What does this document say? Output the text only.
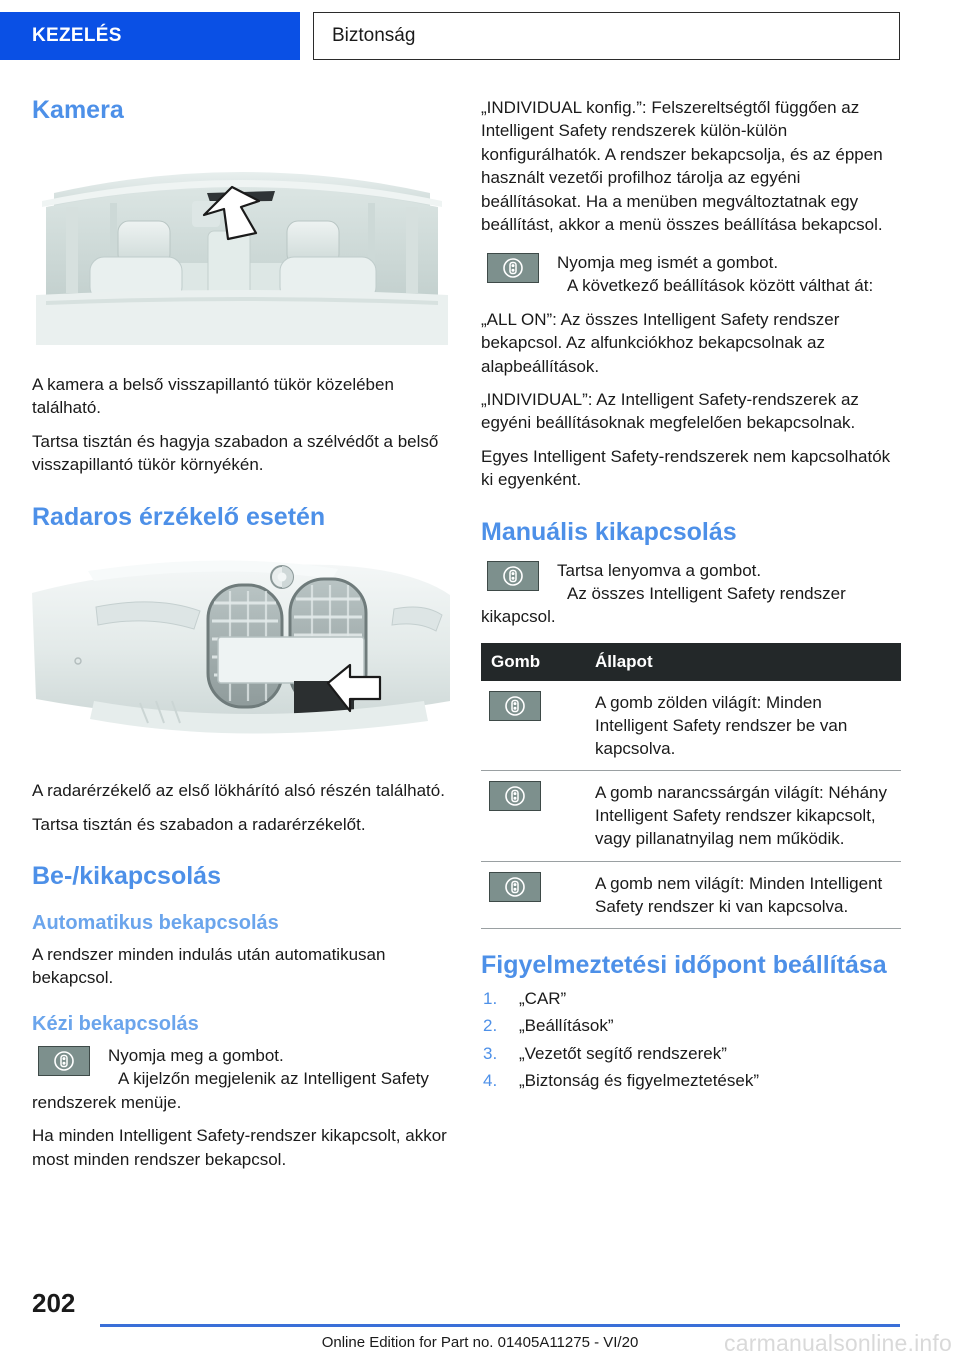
KEZELÉS	Biztonság
Kamera

A kamera a belső visszapillantó tükör közelében található.

Tartsa tisztán és hagyja szabadon a szélvédőt a belső visszapillantó tükör környékén.

Radaros érzékelő esetén

A radarérzékelő az első lökhárító alsó részén található.

Tartsa tisztán és szabadon a radarérzékelőt.

Be-/kikapcsolás
Automatikus bekapcsolás

A rendszer minden indulás után automatikusan bekapcsol.

Kézi bekapcsolás
Nyomja meg a gombot.
A kijelzőn megjelenik az Intelligent Safety rendszerek menüje.

Ha minden Intelligent Safety-rendszer kikapcsolt, akkor most minden rendszer bekapcsol.

„INDIVIDUAL konfig.”: Felszereltségtől függően az Intelligent Safety rendszerek külön-külön konfigurálhatók. A rendszer bekapcsolja, és az éppen használt vezetői profilhoz tárolja az egyéni beállításokat. Ha a menüben megváltoztatnak egy beállítást, akkor a menü összes beállítása bekapcsol.

Nyomja meg ismét a gombot.
A következő beállítások között válthat át:

„ALL ON”: Az összes Intelligent Safety rendszer bekapcsol. Az alfunkciókhoz bekapcsolnak az alapbeállítások.

„INDIVIDUAL”: Az Intelligent Safety-rendszerek az egyéni beállításoknak megfelelően bekapcsolnak.

Egyes Intelligent Safety-rendszerek nem kapcsolhatók ki egyenként.

Manuális kikapcsolás
Tartsa lenyomva a gombot.
Az összes Intelligent Safety rendszer kikapcsol.
Gomb	Állapot

	A gomb zölden világít: Minden Intelligent Safety rendszer be van kapcsolva.

	A gomb narancssárgán világít: Néhány Intelligent Safety rendszer kikapcsolt, vagy pillanatnyilag nem működik.

	A gomb nem világít: Minden Intelligent Safety rendszer ki van kapcsolva.
Figyelmeztetési időpont beállítása
„CAR”
„Beállítások”
„Vezetőt segítő rendszerek”
„Biztonság és figyelmeztetések”
202
Online Edition for Part no. 01405A11275 - VI/20	carmanualsonline.info
